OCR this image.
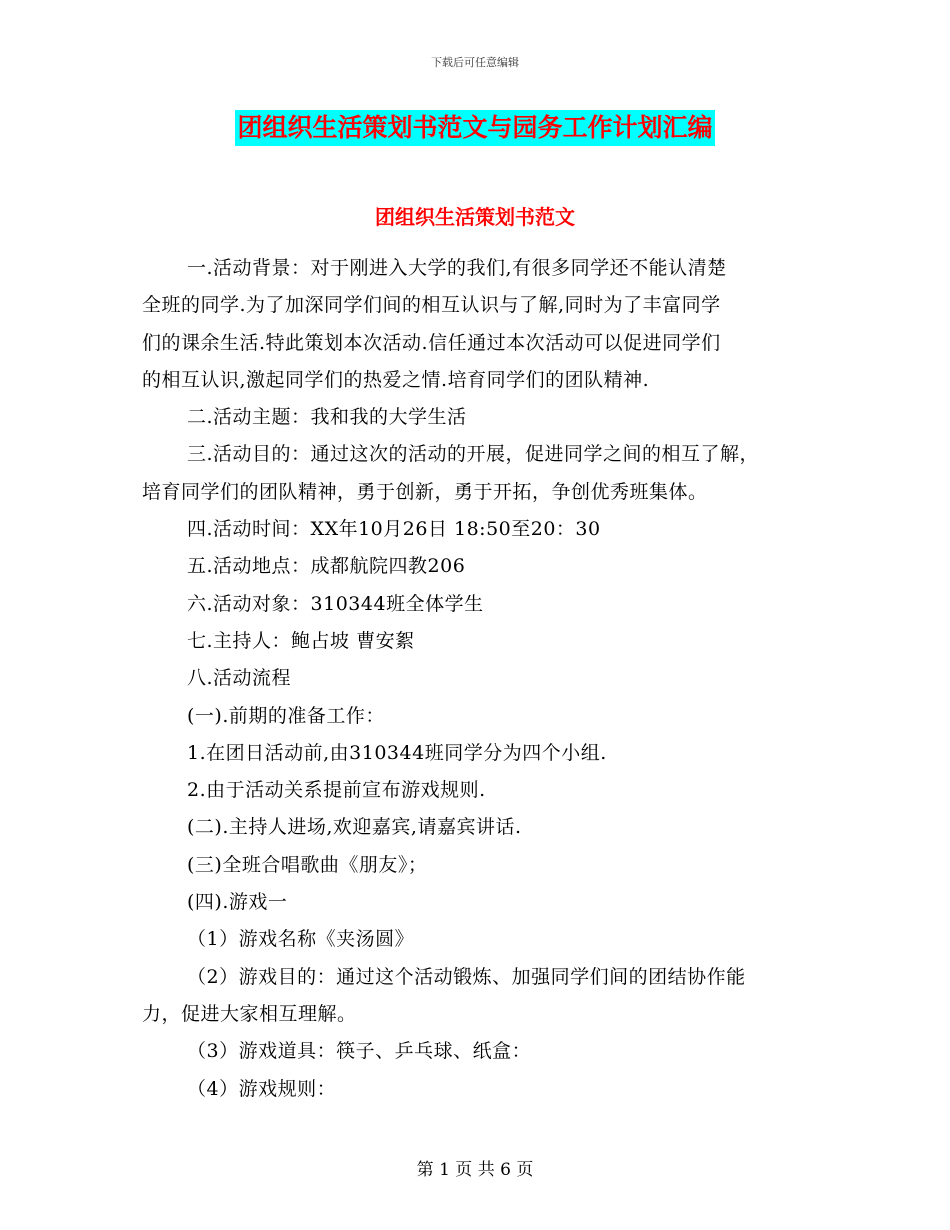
下载后可任意编辑
团组织生活策划书范文与园务工作计划汇编
团组织生活策划书范文
一.活动背景：对于刚进入大学的我们,有很多同学还不能认清楚
全班的同学.为了加深同学们间的相互认识与了解,同时为了丰富同学
们的课余生活.特此策划本次活动.信任通过本次活动可以促进同学们
的相互认识,激起同学们的热爱之情.培育同学们的团队精神.
二.活动主题：我和我的大学生活
三.活动目的：通过这次的活动的开展，促进同学之间的相互了解，
培育同学们的团队精神，勇于创新，勇于开拓，争创优秀班集体。
四.活动时间：XX年10月26日 18:50至20：30
五.活动地点：成都航院四教206
六.活动对象：310344班全体学生
七.主持人：鲍占坡 曹安絮
八.活动流程
(一).前期的准备工作：
1.在团日活动前,由310344班同学分为四个小组.
2.由于活动关系提前宣布游戏规则.
(二).主持人进场,欢迎嘉宾,请嘉宾讲话.
(三)全班合唱歌曲《朋友》；
(四).游戏一
（1）游戏名称《夹汤圆》
（2）游戏目的：通过这个活动锻炼、加强同学们间的团结协作能
力，促进大家相互理解。
（3）游戏道具：筷子、乒乓球、纸盒：
（4）游戏规则：
第 1 页 共 6 页
